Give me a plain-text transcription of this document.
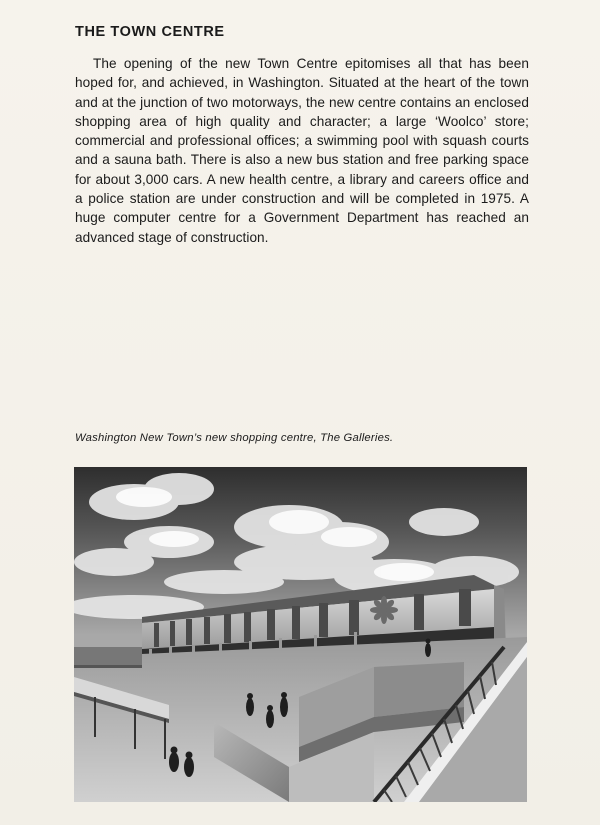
THE TOWN CENTRE

The opening of the new Town Centre epitomises all that has been hoped for, and achieved, in Washington. Situated at the heart of the town and at the junction of two motorways, the new centre contains an enclosed shopping area of high quality and character; a large ‘Woolco’ store; commercial and professional offices; a swimming pool with squash courts and a sauna bath. There is also a new bus station and free parking space for about 3,000 cars. A new health centre, a library and careers office and a police station are under construction and will be completed in 1975. A huge computer centre for a Government Department has reached an advanced stage of construction.

Washington New Town’s new shopping centre, The Galleries.
